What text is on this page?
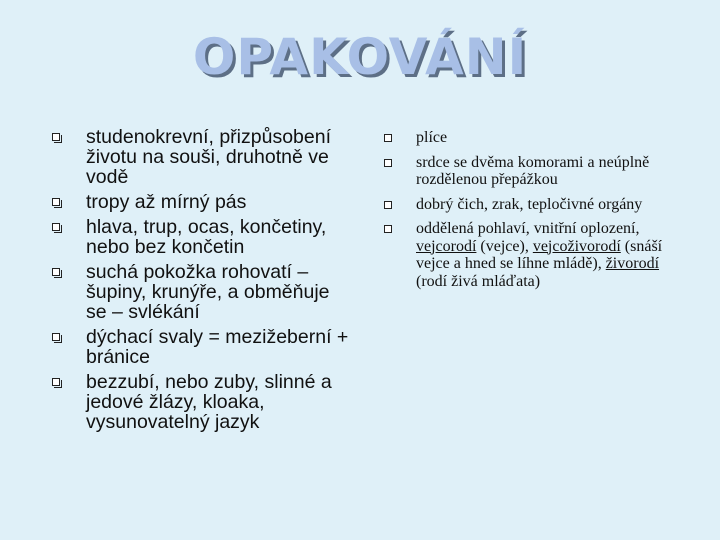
OPAKOVÁNÍ
studenokrevní, přizpůsobení životu na souši, druhotně ve vodě
tropy až mírný pás
hlava, trup, ocas, končetiny, nebo bez končetin
suchá pokožka rohovatí – šupiny, krunýře, a obměňuje se – svlékání
dýchací svaly = mezižeberní + bránice
bezzubí, nebo zuby, slinné a jedové žlázy, kloaka, vysunovatelný jazyk
plíce
srdce se dvěma komorami a neúplně rozdělenou přepážkou
dobrý čich, zrak, tepločivné orgány
oddělená pohlaví, vnitřní oplození, vejcorodí (vejce), vejcoživorodí (snáší vejce a hned se líhne mládě), živorodí (rodí živá mláďata)
